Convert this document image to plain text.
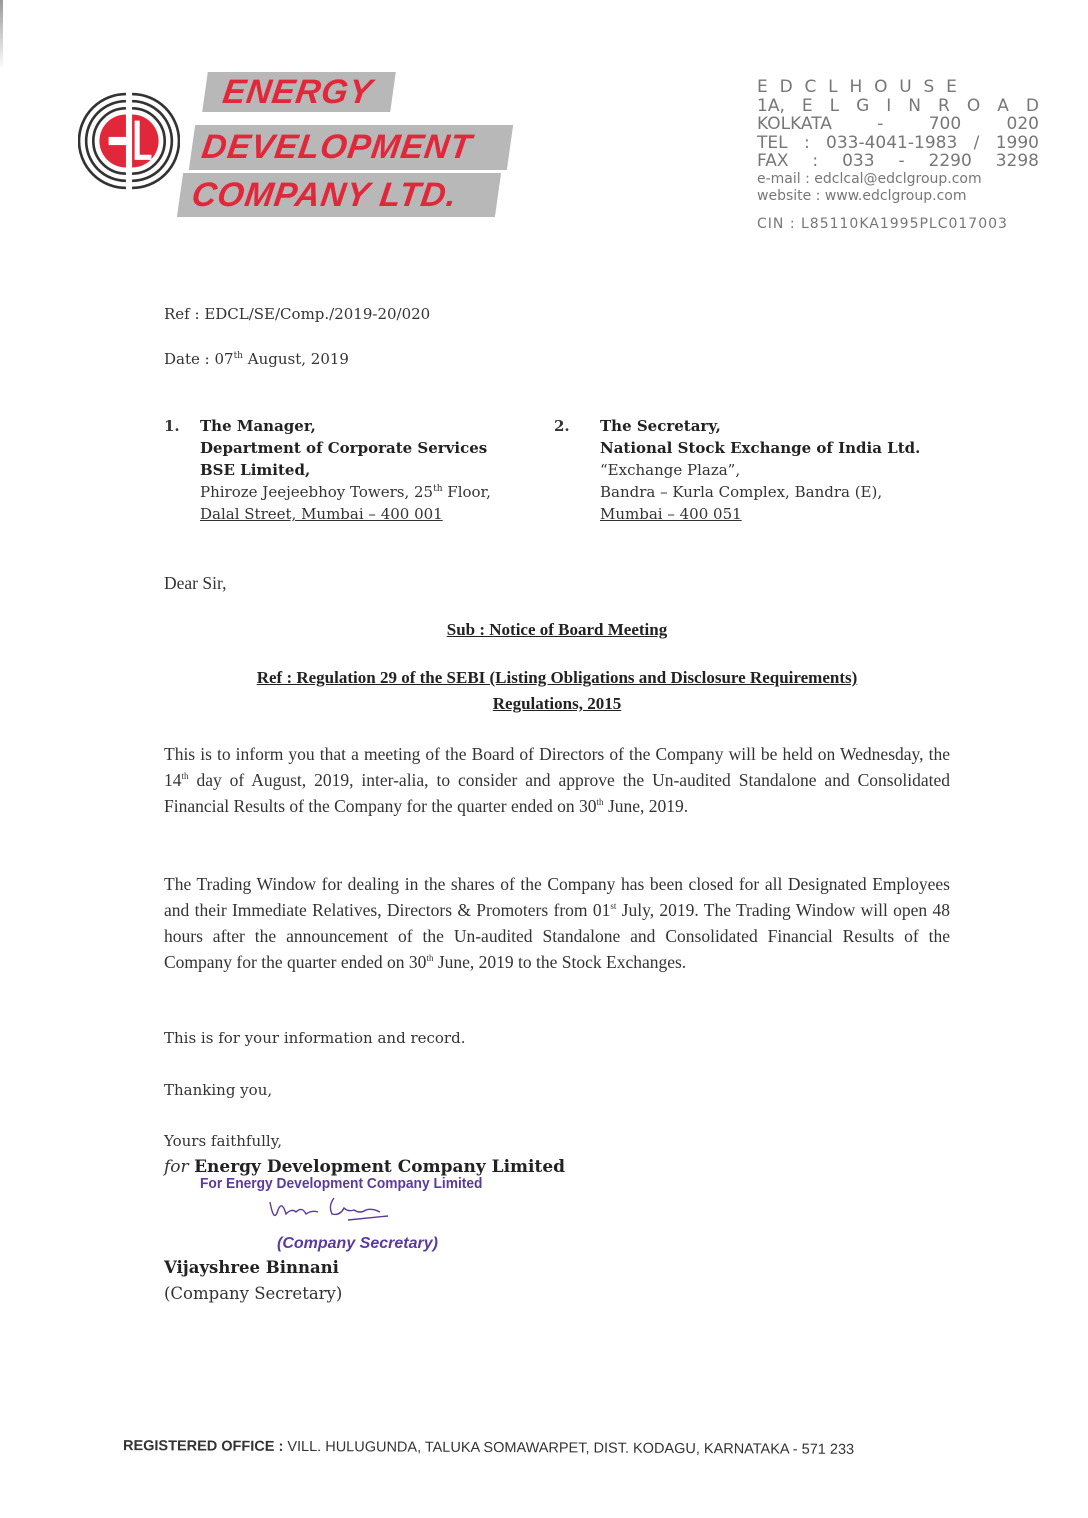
ENERGY
DEVELOPMENT
COMPANY LTD.
E D C L H O U S E
1A, E L G I N R O A D
KOLKATA	-	700	020
TEL : 033-4041-1983 / 1990
FAX : 033 - 2290 3298
e-mail : edclcal@edclgroup.com
website : www.edclgroup.com
CIN : L85110KA1995PLC017003
Ref : EDCL/SE/Comp./2019-20/020
Date : 07th August, 2019
1. The Manager,
Department of Corporate Services
BSE Limited,
Phiroze Jeejeebhoy Towers, 25th Floor,
Dalal Street, Mumbai – 400 001
2. The Secretary,
National Stock Exchange of India Ltd.
“Exchange Plaza”,
Bandra – Kurla Complex, Bandra (E),
Mumbai – 400 051
Dear Sir,
Sub : Notice of Board Meeting
Ref : Regulation 29 of the SEBI (Listing Obligations and Disclosure Requirements)
Regulations, 2015
This is to inform you that a meeting of the Board of Directors of the Company will be held on Wednesday, the 14th day of August, 2019, inter-alia, to consider and approve the Un-audited Standalone and Consolidated Financial Results of the Company for the quarter ended on 30th June, 2019.
The Trading Window for dealing in the shares of the Company has been closed for all Designated Employees and their Immediate Relatives, Directors & Promoters from 01st July, 2019. The Trading Window will open 48 hours after the announcement of the Un-audited Standalone and Consolidated Financial Results of the Company for the quarter ended on 30th June, 2019 to the Stock Exchanges.
This is for your information and record.
Thanking you,
Yours faithfully,
for Energy Development Company Limited
For Energy Development Company Limited
(Company Secretary)
Vijayshree Binnani
(Company Secretary)
REGISTERED OFFICE : VILL. HULUGUNDA, TALUKA SOMAWARPET, DIST. KODAGU, KARNATAKA - 571 233
